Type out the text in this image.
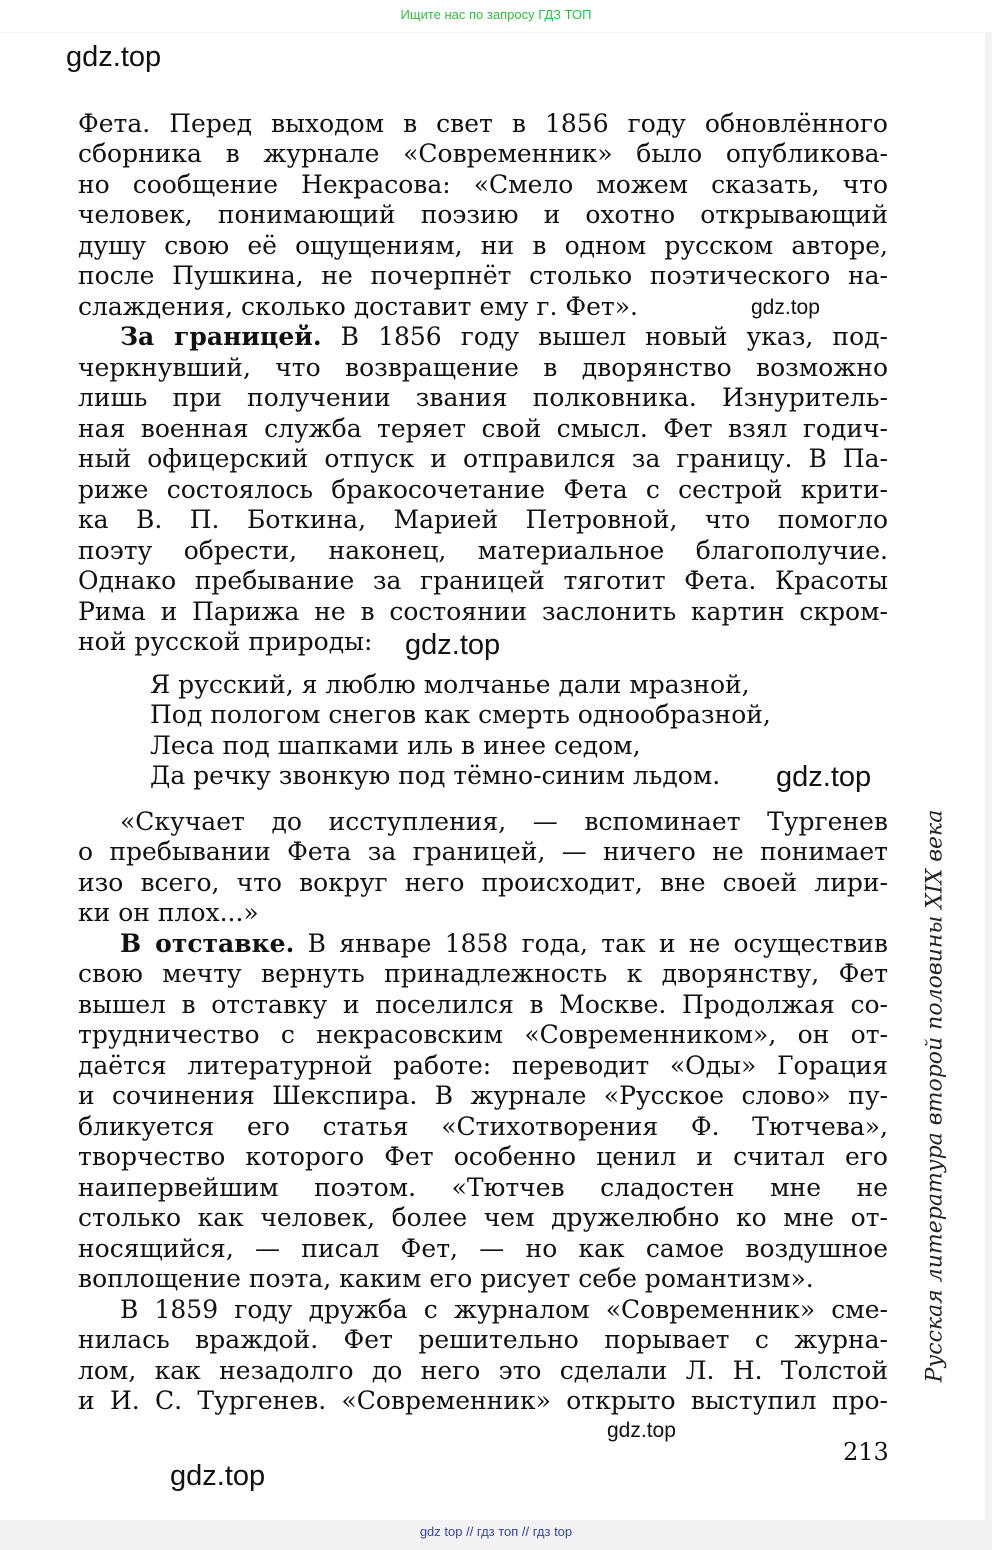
Ищите нас по запросу ГДЗ ТОП
gdz.top
Фета. Перед выходом в свет в 1856 году обновлённого
сборника в журнале «Современник» было опубликова-
но сообщение Некрасова: «Смело можем сказать, что
человек, понимающий поэзию и охотно открывающий
душу свою её ощущениям, ни в одном русском авторе,
после Пушкина, не почерпнёт столько поэтического на-
слаждения, сколько доставит ему г. Фет».	gdz.top
За границей. В 1856 году вышел новый указ, под-
черкнувший, что возвращение в дворянство возможно
лишь при получении звания полковника. Изнуритель-
ная военная служба теряет свой смысл. Фет взял годич-
ный офицерский отпуск и отправился за границу. В Па-
риже состоялось бракосочетание Фета с сестрой крити-
ка В. П. Боткина, Марией Петровной, что помогло
поэту обрести, наконец, материальное благополучие.
Однако пребывание за границей тяготит Фета. Красоты
Рима и Парижа не в состоянии заслонить картин скром-
ной русской природы:	gdz.top
Я русский, я люблю молчанье дали мразной,
Под пологом снегов как смерть однообразной,
Леса под шапками иль в инее седом,
Да речку звонкую под тёмно-синим льдом. gdz.top
«Скучает до исступления, — вспоминает Тургенев
о пребывании Фета за границей, — ничего не понимает
изо всего, что вокруг него происходит, вне своей лири-
ки он плох...»
В отставке. В январе 1858 года, так и не осуществив
свою мечту вернуть принадлежность к дворянству, Фет
вышел в отставку и поселился в Москве. Продолжая со-
трудничество с некрасовским «Современником», он от-
даётся литературной работе: переводит «Оды» Горация
и сочинения Шекспира. В журнале «Русское слово» пу-
бликуется его статья «Стихотворения Ф. Тютчева»,
творчество которого Фет особенно ценил и считал его
наипервейшим поэтом. «Тютчев сладостен мне не
столько как человек, более чем дружелюбно ко мне от-
носящийся, — писал Фет, — но как самое воздушное
воплощение поэта, каким его рисует себе романтизм».
В 1859 году дружба с журналом «Современник» сме-
нилась враждой. Фет решительно порывает с журна-
лом, как незадолго до него это сделали Л. Н. Толстой
и И. С. Тургенев. «Современник» открыто выступил про-
gdz.top
213
gdz.top
Русская литература второй половины XIX века
gdz top // гдз топ // гдз top
